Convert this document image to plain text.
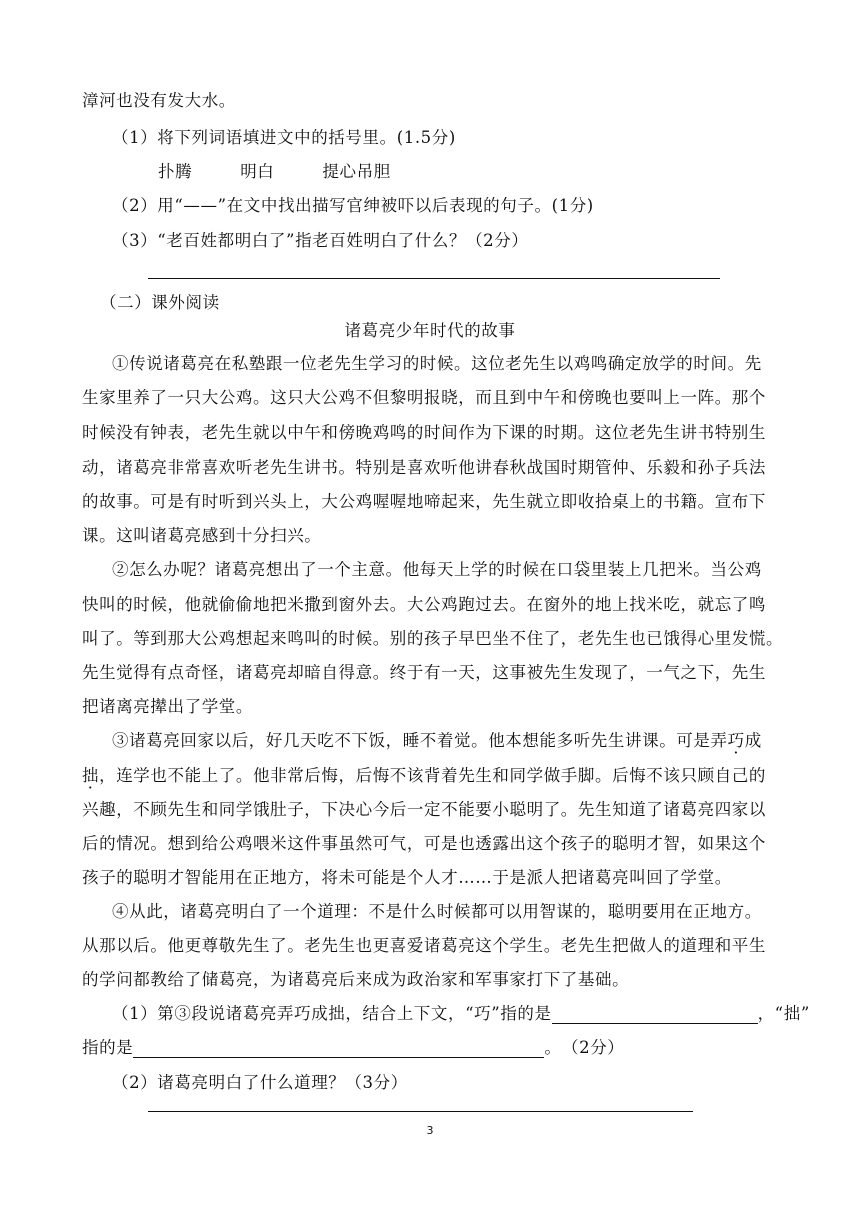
漳河也没有发大水。
（1）将下列词语填进文中的括号里。(1.5分)
扑腾	明白	提心吊胆
（2）用“——”在文中找出描写官绅被吓以后表现的句子。(1分)
（3）“老百姓都明白了”指老百姓明白了什么？（2分）
（二）课外阅读
诸葛亮少年时代的故事
①传说诸葛亮在私塾跟一位老先生学习的时候。这位老先生以鸡鸣确定放学的时间。先
生家里养了一只大公鸡。这只大公鸡不但黎明报晓，而且到中午和傍晚也要叫上一阵。那个
时候没有钟表，老先生就以中午和傍晚鸡鸣的时间作为下课的时期。这位老先生讲书特别生
动，诸葛亮非常喜欢听老先生讲书。特别是喜欢听他讲春秋战国时期管仲、乐毅和孙子兵法
的故事。可是有时听到兴头上，大公鸡喔喔地啼起来，先生就立即收拾桌上的书籍。宣布下
课。这叫诸葛亮感到十分扫兴。
②怎么办呢？诸葛亮想出了一个主意。他每天上学的时候在口袋里装上几把米。当公鸡
快叫的时候，他就偷偷地把米撒到窗外去。大公鸡跑过去。在窗外的地上找米吃，就忘了鸣
叫了。等到那大公鸡想起来鸣叫的时候。别的孩子早巴坐不住了，老先生也已饿得心里发慌。
先生觉得有点奇怪，诸葛亮却暗自得意。终于有一天，这事被先生发现了，一气之下，先生
把诸离亮撵出了学堂。
③诸葛亮回家以后，好几天吃不下饭，睡不着觉。他本想能多听先生讲课。可是弄巧成
拙，连学也不能上了。他非常后悔，后悔不该背着先生和同学做手脚。后悔不该只顾自己的
兴趣，不顾先生和同学饿肚子，下决心今后一定不能要小聪明了。先生知道了诸葛亮四家以
后的情况。想到给公鸡喂米这件事虽然可气，可是也透露出这个孩子的聪明才智，如果这个
孩子的聪明才智能用在正地方，将未可能是个人才……于是派人把诸葛亮叫回了学堂。
④从此，诸葛亮明白了一个道理：不是什么时候都可以用智谋的，聪明要用在正地方。
从那以后。他更尊敬先生了。老先生也更喜爱诸葛亮这个学生。老先生把做人的道理和平生
的学问都教给了储葛亮，为诸葛亮后来成为政治家和军事家打下了基础。
（1）第③段说诸葛亮弄巧成拙，结合上下文，“巧”指的是	，“拙”
指的是	。　（2分）
（2）诸葛亮明白了什么道理？（3分）
3
